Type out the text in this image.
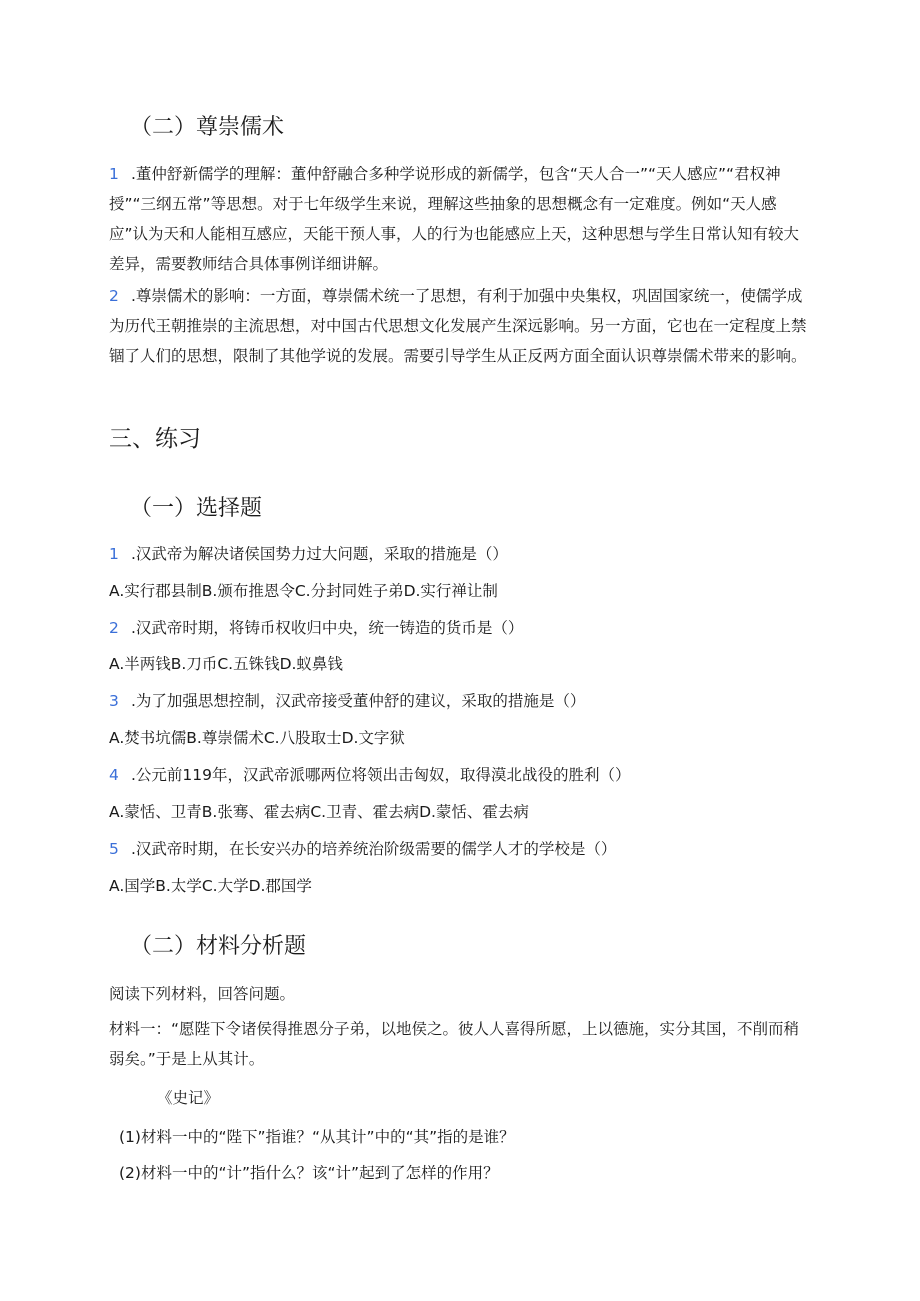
（二）尊崇儒术
1 .董仲舒新儒学的理解：董仲舒融合多种学说形成的新儒学，包含“天人合一”“天人感应”“君权神授”“三纲五常”等思想。对于七年级学生来说，理解这些抽象的思想概念有一定难度。例如“天人感应”认为天和人能相互感应，天能干预人事，人的行为也能感应上天，这种思想与学生日常认知有较大差异，需要教师结合具体事例详细讲解。
2 .尊崇儒术的影响：一方面，尊崇儒术统一了思想，有利于加强中央集权，巩固国家统一，使儒学成为历代王朝推崇的主流思想，对中国古代思想文化发展产生深远影响。另一方面，它也在一定程度上禁锢了人们的思想，限制了其他学说的发展。需要引导学生从正反两方面全面认识尊崇儒术带来的影响。
三、练习
（一）选择题
1 .汉武帝为解决诸侯国势力过大问题，采取的措施是（）
A.实行郡县制B.颁布推恩令C.分封同姓子弟D.实行禅让制
2 .汉武帝时期，将铸币权收归中央，统一铸造的货币是（）
A.半两钱B.刀币C.五铢钱D.蚁鼻钱
3 .为了加强思想控制，汉武帝接受董仲舒的建议，采取的措施是（）
A.焚书坑儒B.尊崇儒术C.八股取士D.文字狱
4 .公元前119年，汉武帝派哪两位将领出击匈奴，取得漠北战役的胜利（）
A.蒙恬、卫青B.张骞、霍去病C.卫青、霍去病D.蒙恬、霍去病
5 .汉武帝时期，在长安兴办的培养统治阶级需要的儒学人才的学校是（）
A.国学B.太学C.大学D.郡国学
（二）材料分析题
阅读下列材料，回答问题。
材料一：“愿陛下令诸侯得推恩分子弟，以地侯之。彼人人喜得所愿，上以德施，实分其国，不削而稍弱矣。”于是上从其计。
《史记》
(1)材料一中的“陛下”指谁？“从其计”中的“其”指的是谁？
(2)材料一中的“计”指什么？该“计”起到了怎样的作用？
